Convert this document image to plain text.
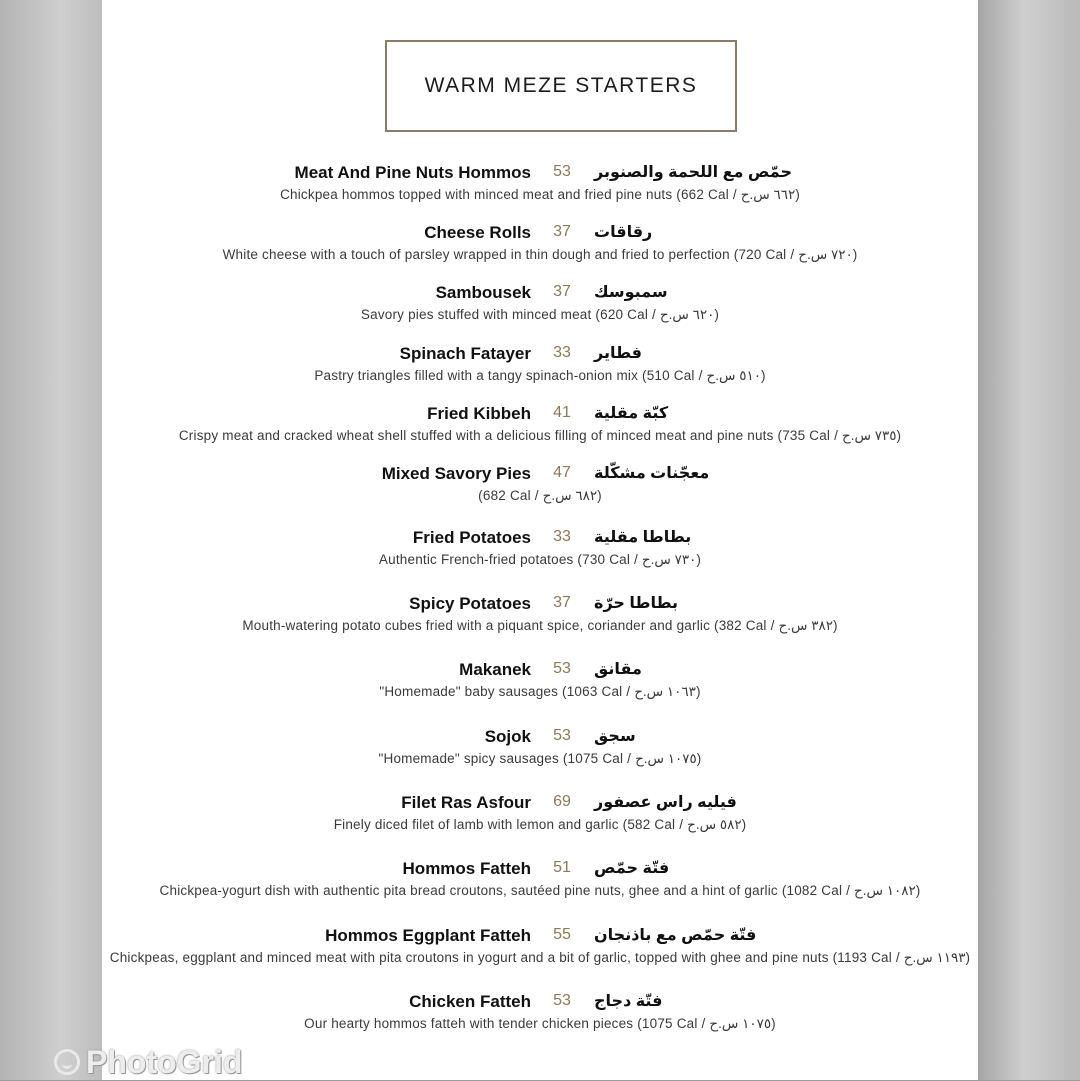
WARM MEZE STARTERS
Meat And Pine Nuts Hommos 53 حمّص مع اللحمة والصنوبر
Chickpea hommos topped with minced meat and fried pine nuts (662 Cal / ٦٦٢ س.ح)
Cheese Rolls 37 رقاقات
White cheese with a touch of parsley wrapped in thin dough and fried to perfection (720 Cal / ٧٢٠ س.ح)
Sambousek 37 سمبوسك
Savory pies stuffed with minced meat (620 Cal / ٦٢٠ س.ح)
Spinach Fatayer 33 فطاير
Pastry triangles filled with a tangy spinach-onion mix (510 Cal / ٥١٠ س.ح)
Fried Kibbeh 41 كبّة مقلية
Crispy meat and cracked wheat shell stuffed with a delicious filling of minced meat and pine nuts (735 Cal / ٧٣٥ س.ح)
Mixed Savory Pies 47 معجّنات مشكّلة
(682 Cal / ٦٨٢ س.ح)
Fried Potatoes 33 بطاطا مقلية
Authentic French-fried potatoes (730 Cal / ٧٣٠ س.ح)
Spicy Potatoes 37 بطاطا حرّة
Mouth-watering potato cubes fried with a piquant spice, coriander and garlic (382 Cal / ٣٨٢ س.ح)
Makanek 53 مقانق
"Homemade" baby sausages (1063 Cal / ١٠٦٣ س.ح)
Sojok 53 سجق
"Homemade" spicy sausages (1075 Cal / ١٠٧٥ س.ح)
Filet Ras Asfour 69 فيليه راس عصفور
Finely diced filet of lamb with lemon and garlic (582 Cal / ٥٨٢ س.ح)
Hommos Fatteh 51 فتّة حمّص
Chickpea-yogurt dish with authentic pita bread croutons, sautéed pine nuts, ghee and a hint of garlic (1082 Cal / ١٠٨٢ س.ح)
Hommos Eggplant Fatteh 55 فتّة حمّص مع باذنجان
Chickpeas, eggplant and minced meat with pita croutons in yogurt and a bit of garlic, topped with ghee and pine nuts (1193 Cal / ١١٩٣ س.ح)
Chicken Fatteh 53 فتّة دجاج
Our hearty hommos fatteh with tender chicken pieces (1075 Cal / ١٠٧٥ س.ح)
PhotoGrid
